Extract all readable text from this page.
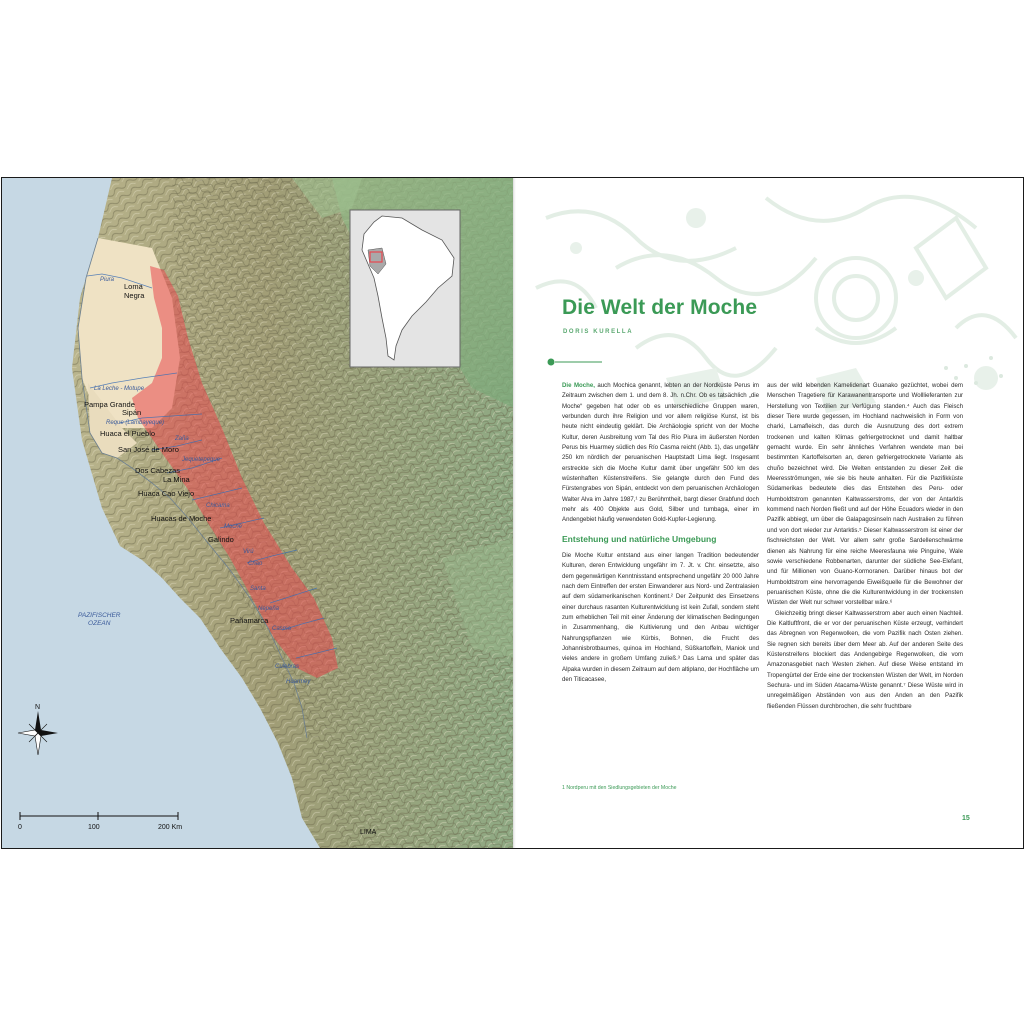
Loma
Negra
Pampa Grande
Sipán
Huaca el Pueblo
San José de Moro
Dos Cabezas
La Mina
Huaca Cao Viejo
Huacas de Moche
Galindo
Pañamarca
LIMA
Piura
La Leche - Motupe
Reque (Lambayeque)
Zaña
Jequetepeque
Chicama
Moche
Virú
Chao
Santa
Nepeña
Casma
Culebras
Huarmey
PAZIFISCHER
OZEAN
N
0	100	200 Km
Die Welt der Moche
DORIS KURELLA

Die Moche, auch Mochica genannt, lebten an der Nordküste Perus im Zeitraum zwischen dem 1. und dem 8. Jh. n.Chr. Ob es tatsächlich „die Moche“ gegeben hat oder ob es unterschiedliche Gruppen waren, verbunden durch ihre Religion und vor allem religiöse Kunst, ist bis heute nicht eindeutig geklärt. Die Archäologie spricht von der Moche Kultur, deren Ausbreitung vom Tal des Río Piura im äußersten Norden Perus bis Huarmey südlich des Río Casma reicht (Abb. 1), das ungefähr 250 km nördlich der peruanischen Hauptstadt Lima liegt. Insgesamt erstreckte sich die Moche Kultur damit über ungefähr 500 km des wüstenhaften Küstenstreifens. Sie gelangte durch den Fund des Fürstengrabes von Sipán, entdeckt von dem peruanischen Archäologen Walter Alva im Jahre 1987,¹ zu Berühmtheit, bargt dieser Grabfund doch mehr als 400 Objekte aus Gold, Silber und tumbaga, einer im Andengebiet häufig verwendeten Gold-Kupfer-Legierung.

Entstehung und natürliche Umgebung

Die Moche Kultur entstand aus einer langen Tradition bedeutender Kulturen, deren Entwicklung ungefähr im 7. Jt. v. Chr. einsetzte, also dem gegenwärtigen Kenntnisstand entsprechend ungefähr 20 000 Jahre nach dem Eintreffen der ersten Einwanderer aus Nord- und Zentralasien auf dem südamerikanischen Kontinent.² Der Zeitpunkt des Einsetzens einer durchaus rasanten Kulturentwicklung ist kein Zufall, sondern steht zum erheblichen Teil mit einer Änderung der klimatischen Bedingungen in Zusammenhang, die Kultivierung und den Anbau wichtiger Nahrungspflanzen wie Kürbis, Bohnen, die Frucht des Johannisbrotbaumes, quinoa im Hochland, Süßkartoffeln, Maniok und vieles andere in großem Umfang zuließ.³ Das Lama und später das Alpaka wurden in diesem Zeitraum auf dem altiplano, der Hochfläche um den Titicacasee,

aus der wild lebenden Kamelidenart Guanako gezüchtet, wobei dem Menschen Tragetiere für Karawanentransporte und Wolllieferanten zur Herstellung von Textilien zur Verfügung standen.⁴ Auch das Fleisch dieser Tiere wurde gegessen, im Hochland nachweislich in Form von charki, Lamafleisch, das durch die Ausnutzung des dort extrem trockenen und kalten Klimas gefriergetrocknet und damit haltbar gemacht wurde. Ein sehr ähnliches Verfahren wendete man bei bestimmten Kartoffelsorten an, deren gefriergetrocknete Variante als chuño bezeichnet wird. Die Welten entstanden zu dieser Zeit die Meeresströmungen, wie sie bis heute anhalten. Für die Pazifikküste Südamerikas bedeutete dies das Entstehen des Peru- oder Humboldtstrom genannten Kaltwasserstroms, der von der Antarktis kommend nach Norden fließt und auf der Höhe Ecuadors wieder in den Pazifik abbiegt, um über die Galapagosinseln nach Australien zu führen und von dort wieder zur Antarktis.⁵ Dieser Kaltwasserstrom ist einer der fischreichsten der Welt. Vor allem sehr große Sardellenschwärme dienen als Nahrung für eine reiche Meeresfauna wie Pinguine, Wale sowie verschiedene Robbenarten, darunter der südliche See-Elefant, und für Millionen von Guano-Kormoranen. Darüber hinaus bot der Humboldtstrom eine hervorragende Eiweißquelle für die Bewohner der peruanischen Küste, ohne die die Kulturentwicklung in der trockensten Wüsten der Welt nur schwer vorstellbar wäre.⁶

Gleichzeitig bringt dieser Kaltwasserstrom aber auch einen Nachteil. Die Kaltluftfront, die er vor der peruanischen Küste erzeugt, verhindert das Abregnen von Regenwolken, die vom Pazifik nach Osten ziehen. Sie regnen sich bereits über dem Meer ab. Auf der anderen Seite des Küstenstreifens blockiert das Andengebirge Regenwolken, die vom Amazonasgebiet nach Westen ziehen. Auf diese Weise entstand im Tropengürtel der Erde eine der trockensten Wüsten der Welt, im Norden Sechura- und im Süden Atacama-Wüste genannt.⁷ Diese Wüste wird in unregelmäßigen Abständen von aus den Anden an den Pazifik fließenden Flüssen durchbrochen, die sehr fruchtbare

1 Nordperu mit den Siedlungsgebieten der Moche
15
